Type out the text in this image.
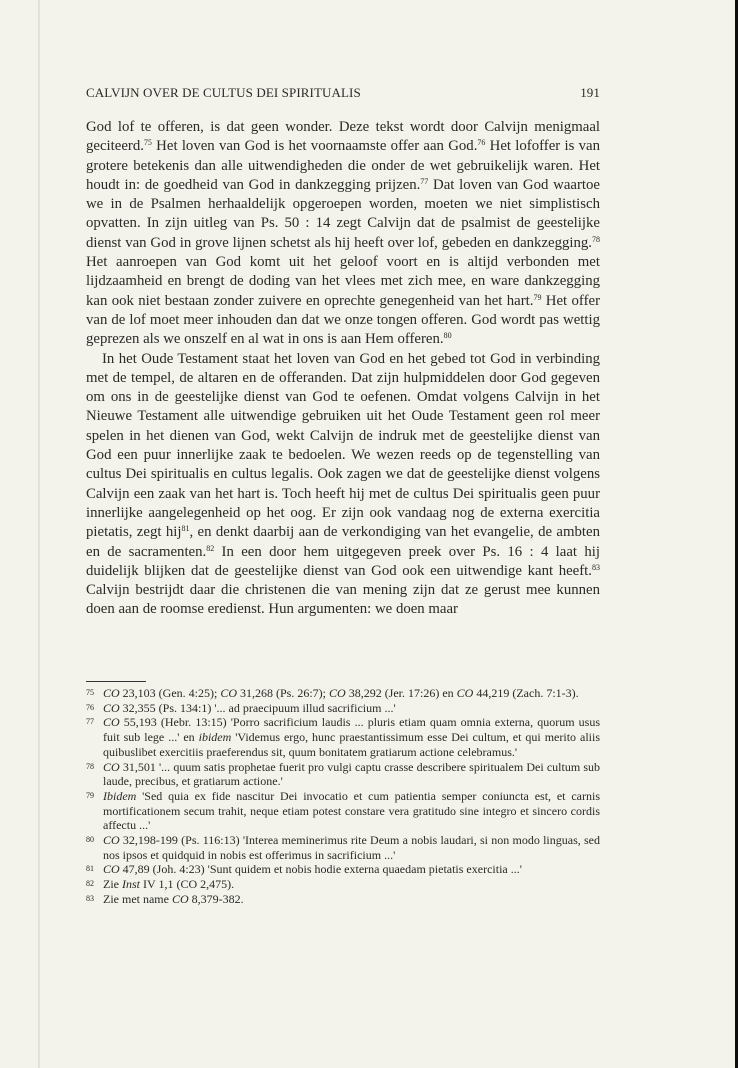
CALVIJN OVER DE CULTUS DEI SPIRITUALIS	191

God lof te offeren, is dat geen wonder. Deze tekst wordt door Calvijn menigmaal geciteerd.$^{75}$ Het loven van God is het voornaamste offer aan God.$^{76}$ Het lofoffer is van grotere betekenis dan alle uitwendigheden die onder de wet gebruikelijk waren. Het houdt in: de goedheid van God in dankzegging prijzen.$^{77}$ Dat loven van God waartoe we in de Psalmen herhaaldelijk opgeroepen worden, moeten we niet simplistisch opvatten. In zijn uitleg van Ps. 50 : 14 zegt Calvijn dat de psalmist de geestelijke dienst van God in grove lijnen schetst als hij heeft over lof, gebeden en dankzegging.$^{78}$ Het aanroepen van God komt uit het geloof voort en is altijd verbonden met lijdzaamheid en brengt de doding van het vlees met zich mee, en ware dankzegging kan ook niet bestaan zonder zuivere en oprechte genegenheid van het hart.$^{79}$ Het offer van de lof moet meer inhouden dan dat we onze tongen offeren. God wordt pas wettig geprezen als we onszelf en al wat in ons is aan Hem offeren.$^{80}$

In het Oude Testament staat het loven van God en het gebed tot God in verbinding met de tempel, de altaren en de offeranden. Dat zijn hulpmiddelen door God gegeven om ons in de geestelijke dienst van God te oefenen. Omdat volgens Calvijn in het Nieuwe Testament alle uitwendige gebruiken uit het Oude Testament geen rol meer spelen in het dienen van God, wekt Calvijn de indruk met de geestelijke dienst van God een puur innerlijke zaak te bedoelen. We wezen reeds op de tegenstelling van cultus Dei spiritualis en cultus legalis. Ook zagen we dat de geestelijke dienst volgens Calvijn een zaak van het hart is. Toch heeft hij met de cultus Dei spiritualis geen puur innerlijke aangelegenheid op het oog. Er zijn ook vandaag nog de externa exercitia pietatis, zegt hij$^{81}$, en denkt daarbij aan de verkondiging van het evangelie, de ambten en de sacramenten.$^{82}$ In een door hem uitgegeven preek over Ps. 16 : 4 laat hij duidelijk blijken dat de geestelijke dienst van God ook een uitwendige kant heeft.$^{83}$ Calvijn bestrijdt daar die christenen die van mening zijn dat ze gerust mee kunnen doen aan de roomse eredienst. Hun argumenten: we doen maar

75 CO 23,103 (Gen. 4:25); CO 31,268 (Ps. 26:7); CO 38,292 (Jer. 17:26) en CO 44,219 (Zach. 7:1-3).
76 CO 32,355 (Ps. 134:1) '... ad praecipuum illud sacrificium ...'
77 CO 55,193 (Hebr. 13:15) 'Porro sacrificium laudis ... pluris etiam quam omnia externa, quorum usus fuit sub lege ...' en ibidem 'Videmus ergo, hunc praestantissimum esse Dei cultum, et qui merito aliis quibuslibet exercitiis praeferendus sit, quum bonitatem gratiarum actione celebramus.'
78 CO 31,501 '... quum satis prophetae fuerit pro vulgi captu crasse describere spiritualem Dei cultum sub laude, precibus, et gratiarum actione.'
79 Ibidem 'Sed quia ex fide nascitur Dei invocatio et cum patientia semper coniuncta est, et carnis mortificationem secum trahit, neque etiam potest constare vera gratitudo sine integro et sincero cordis affectu ...'
80 CO 32,198-199 (Ps. 116:13) 'Interea meminerimus rite Deum a nobis laudari, si non modo linguas, sed nos ipsos et quidquid in nobis est offerimus in sacrificium ...'
81 CO 47,89 (Joh. 4:23) 'Sunt quidem et nobis hodie externa quaedam pietatis exercitia ...'
82 Zie Inst IV 1,1 (CO 2,475).
83 Zie met name CO 8,379-382.
